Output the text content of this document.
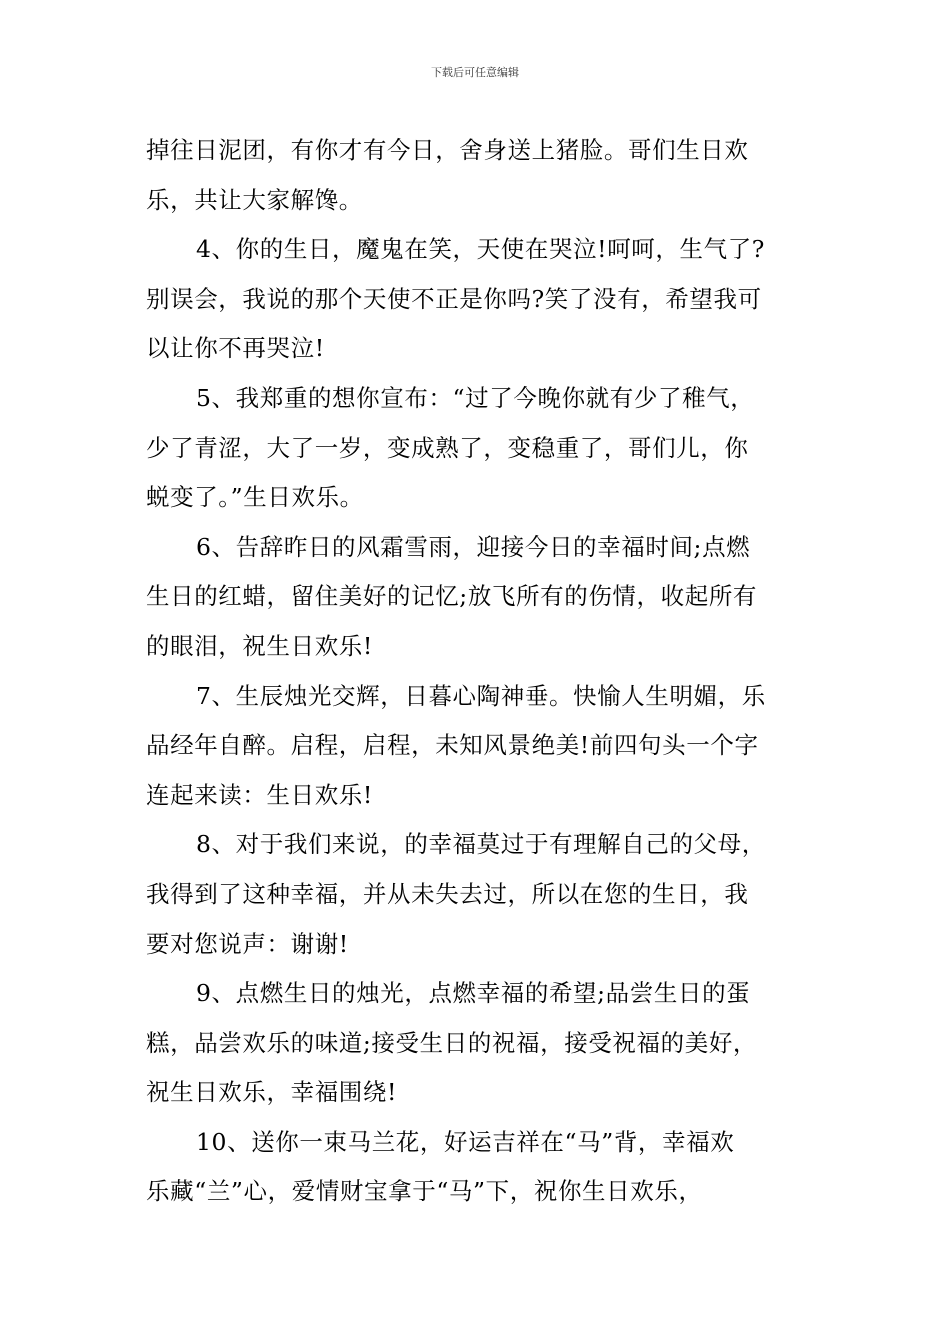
下载后可任意编辑

掉往日泥团，有你才有今日，舍身送上猪脸。哥们生日欢
乐，共让大家解馋。

4、你的生日，魔鬼在笑，天使在哭泣!呵呵，生气了?
别误会，我说的那个天使不正是你吗?笑了没有，希望我可
以让你不再哭泣!

5、我郑重的想你宣布：“过了今晚你就有少了稚气，
少了青涩，大了一岁，变成熟了，变稳重了，哥们儿，你
蜕变了。”生日欢乐。

6、告辞昨日的风霜雪雨，迎接今日的幸福时间;点燃
生日的红蜡，留住美好的记忆;放飞所有的伤情，收起所有
的眼泪，祝生日欢乐!

7、生辰烛光交辉，日暮心陶神垂。快愉人生明媚，乐
品经年自醉。启程，启程，未知风景绝美!前四句头一个字
连起来读：生日欢乐!

8、对于我们来说，的幸福莫过于有理解自己的父母，
我得到了这种幸福，并从未失去过，所以在您的生日，我
要对您说声：谢谢!

9、点燃生日的烛光，点燃幸福的希望;品尝生日的蛋
糕，品尝欢乐的味道;接受生日的祝福，接受祝福的美好，
祝生日欢乐，幸福围绕!

10、送你一束马兰花，好运吉祥在“马”背，幸福欢
乐藏“兰”心，爱情财宝拿于“马”下，祝你生日欢乐，
